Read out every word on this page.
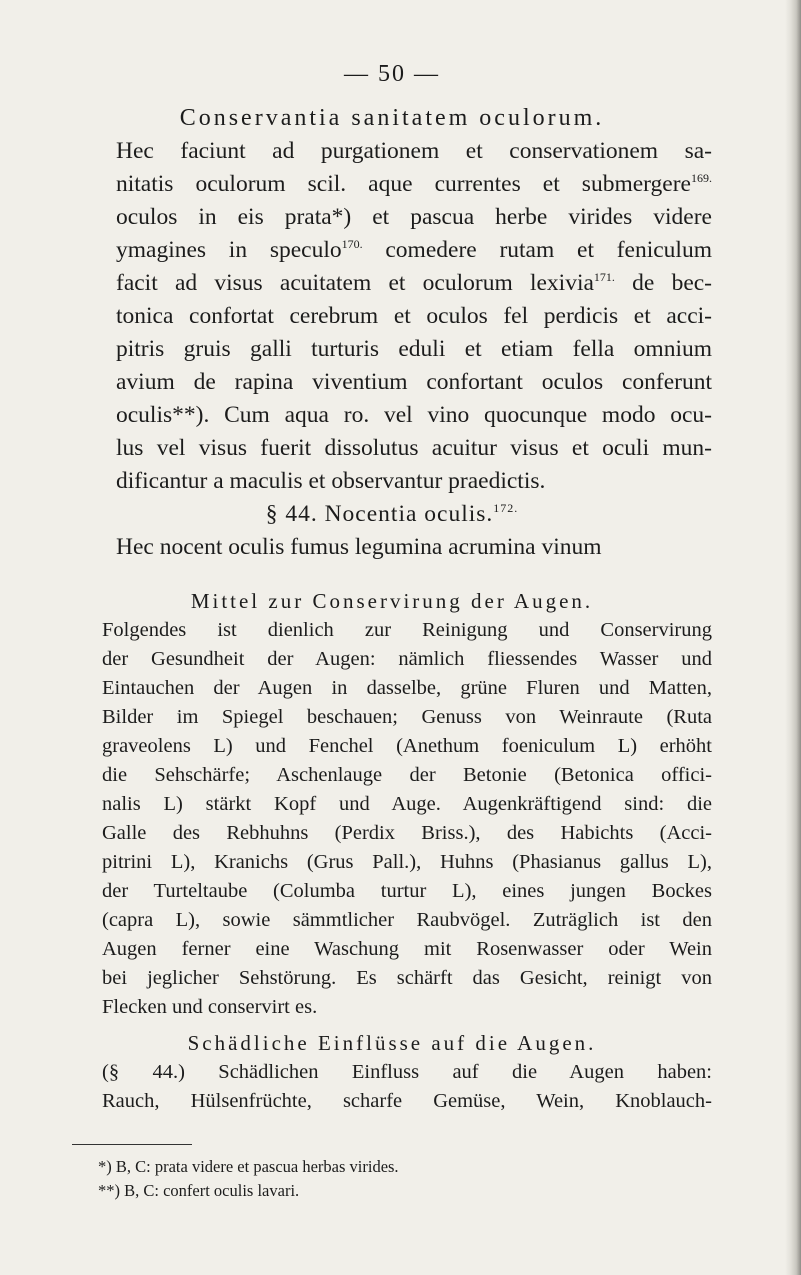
— 50 —

Conservantia sanitatem oculorum.

Hec faciunt ad purgationem et conservationem sa-
nitatis oculorum scil. aque currentes et submergere$^{169.}$
oculos in eis prata*) et pascua herbe virides videre
ymagines in speculo$^{170.}$ comedere rutam et feniculum
facit ad visus acuitatem et oculorum lexivia$^{171.}$ de bec-
tonica confortat cerebrum et oculos fel perdicis et acci-
pitris gruis galli turturis eduli et etiam fella omnium
avium de rapina viventium confortant oculos conferunt
oculis**). Cum aqua ro. vel vino quocunque modo ocu-
lus vel visus fuerit dissolutus acuitur visus et oculi mun-
dificantur a maculis et observantur praedictis.

§ 44. Nocentia oculis.$^{172.}$

Hec nocent oculis fumus legumina acrumina vinum

Mittel zur Conservirung der Augen.

Folgendes ist dienlich zur Reinigung und Conservirung
der Gesundheit der Augen: nämlich fliessendes Wasser und
Eintauchen der Augen in dasselbe, grüne Fluren und Matten,
Bilder im Spiegel beschauen; Genuss von Weinraute (Ruta
graveolens L) und Fenchel (Anethum foeniculum L) erhöht
die Sehschärfe; Aschenlauge der Betonie (Betonica offici-
nalis L) stärkt Kopf und Auge. Augenkräftigend sind: die
Galle des Rebhuhns (Perdix Briss.), des Habichts (Acci-
pitrini L), Kranichs (Grus Pall.), Huhns (Phasianus gallus L),
der Turteltaube (Columba turtur L), eines jungen Bockes
(capra L), sowie sämmtlicher Raubvögel. Zuträglich ist den
Augen ferner eine Waschung mit Rosenwasser oder Wein
bei jeglicher Sehstörung. Es schärft das Gesicht, reinigt von
Flecken und conservirt es.

Schädliche Einflüsse auf die Augen.

(§ 44.) Schädlichen Einfluss auf die Augen haben:
Rauch, Hülsenfrüchte, scharfe Gemüse, Wein, Knoblauch-

*) B, C: prata videre et pascua herbas virides.

**) B, C: confert oculis lavari.
